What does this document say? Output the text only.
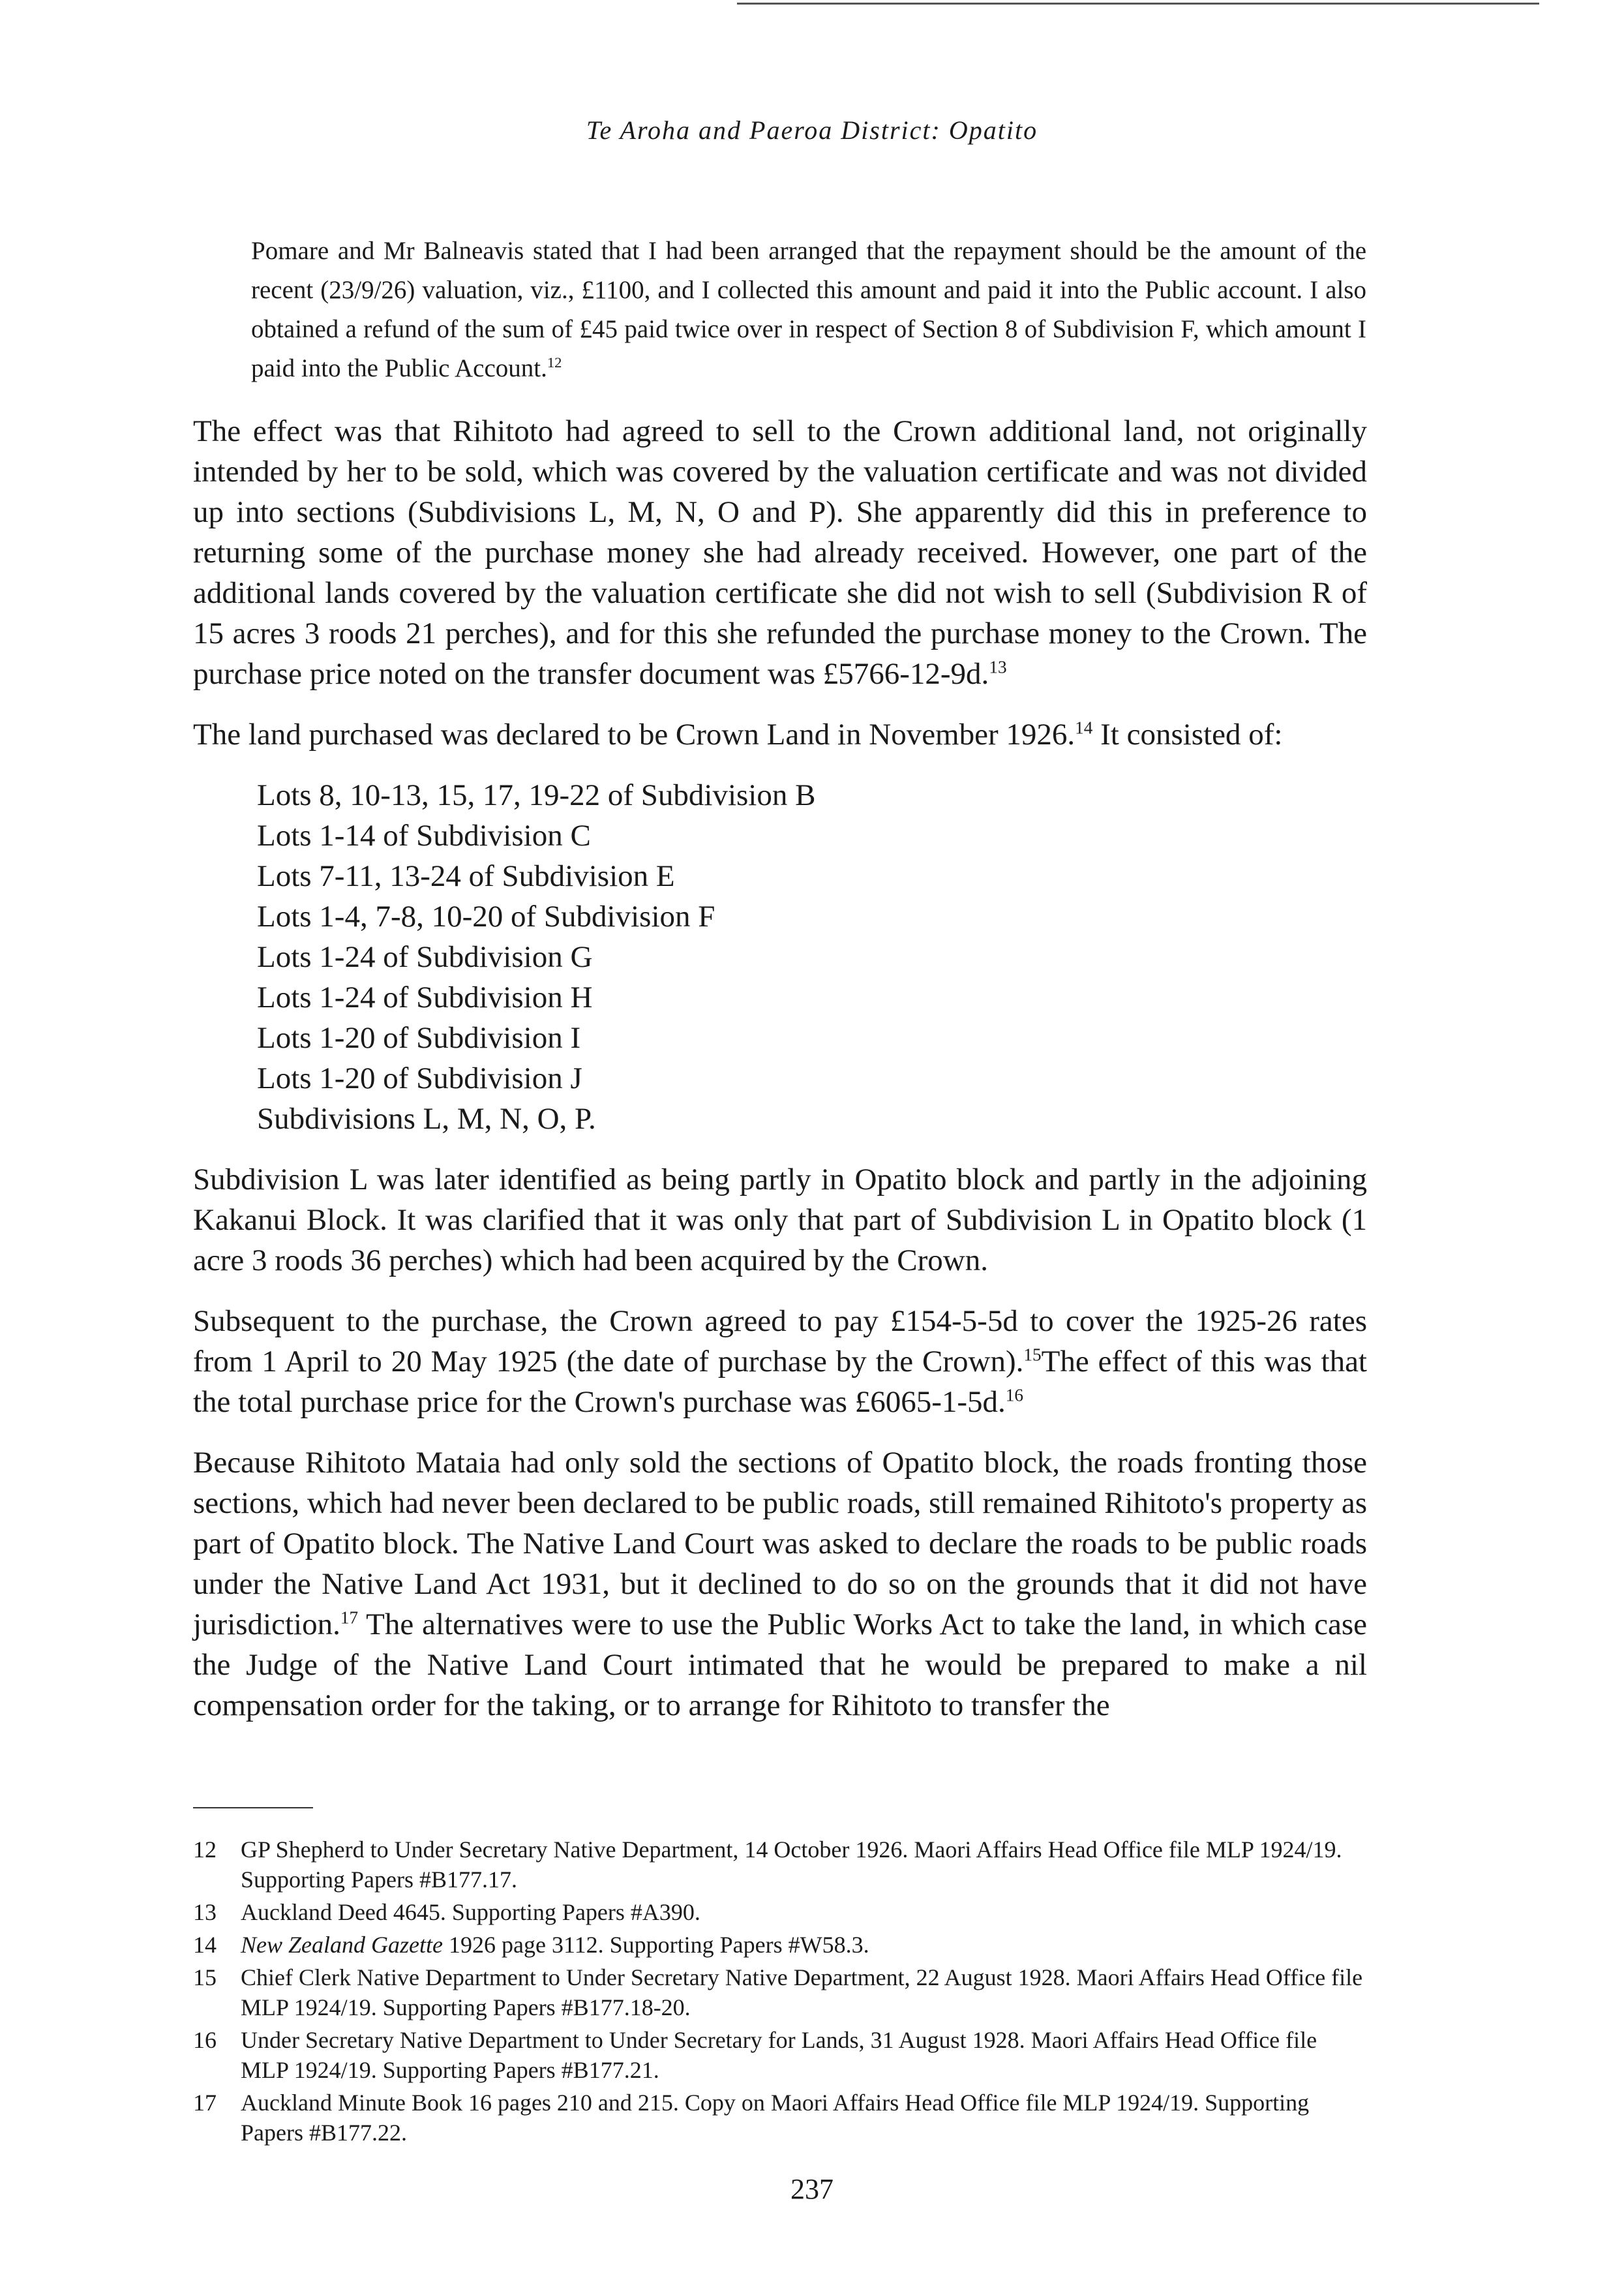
Te Aroha and Paeroa District: Opatito
Pomare and Mr Balneavis stated that I had been arranged that the repayment should be the amount of the recent (23/9/26) valuation, viz., £1100, and I collected this amount and paid it into the Public account. I also obtained a refund of the sum of £45 paid twice over in respect of Section 8 of Subdivision F, which amount I paid into the Public Account.$^{12}$

The effect was that Rihitoto had agreed to sell to the Crown additional land, not originally intended by her to be sold, which was covered by the valuation certificate and was not divided up into sections (Subdivisions L, M, N, O and P). She apparently did this in preference to returning some of the purchase money she had already received. However, one part of the additional lands covered by the valuation certificate she did not wish to sell (Subdivision R of 15 acres 3 roods 21 perches), and for this she refunded the purchase money to the Crown. The purchase price noted on the transfer document was £5766-12-9d.$^{13}$

The land purchased was declared to be Crown Land in November 1926.14 It consisted of:

Lots 8, 10-13, 15, 17, 19-22 of Subdivision B
Lots 1-14 of Subdivision C
Lots 7-11, 13-24 of Subdivision E
Lots 1-4, 7-8, 10-20 of Subdivision F
Lots 1-24 of Subdivision G
Lots 1-24 of Subdivision H
Lots 1-20 of Subdivision I
Lots 1-20 of Subdivision J
Subdivisions L, M, N, O, P.

Subdivision L was later identified as being partly in Opatito block and partly in the adjoining Kakanui Block. It was clarified that it was only that part of Subdivision L in Opatito block (1 acre 3 roods 36 perches) which had been acquired by the Crown.

Subsequent to the purchase, the Crown agreed to pay £154-5-5d to cover the 1925-26 rates from 1 April to 20 May 1925 (the date of purchase by the Crown).$^{15}$The effect of this was that the total purchase price for the Crown's purchase was £6065-1-5d.$^{16}$

Because Rihitoto Mataia had only sold the sections of Opatito block, the roads fronting those sections, which had never been declared to be public roads, still remained Rihitoto's property as part of Opatito block. The Native Land Court was asked to declare the roads to be public roads under the Native Land Act 1931, but it declined to do so on the grounds that it did not have jurisdiction.$^{17}$ The alternatives were to use the Public Works Act to take the land, in which case the Judge of the Native Land Court intimated that he would be prepared to make a nil compensation order for the taking, or to arrange for Rihitoto to transfer the

12	GP Shepherd to Under Secretary Native Department, 14 October 1926. Maori Affairs Head Office file MLP 1924/19. Supporting Papers #B177.17.
13	Auckland Deed 4645. Supporting Papers #A390.
14	New Zealand Gazette 1926 page 3112. Supporting Papers #W58.3.
15	Chief Clerk Native Department to Under Secretary Native Department, 22 August 1928. Maori Affairs Head Office file MLP 1924/19. Supporting Papers #B177.18-20.
16	Under Secretary Native Department to Under Secretary for Lands, 31 August 1928. Maori Affairs Head Office file MLP 1924/19. Supporting Papers #B177.21.
17	Auckland Minute Book 16 pages 210 and 215. Copy on Maori Affairs Head Office file MLP 1924/19. Supporting Papers #B177.22.
237
